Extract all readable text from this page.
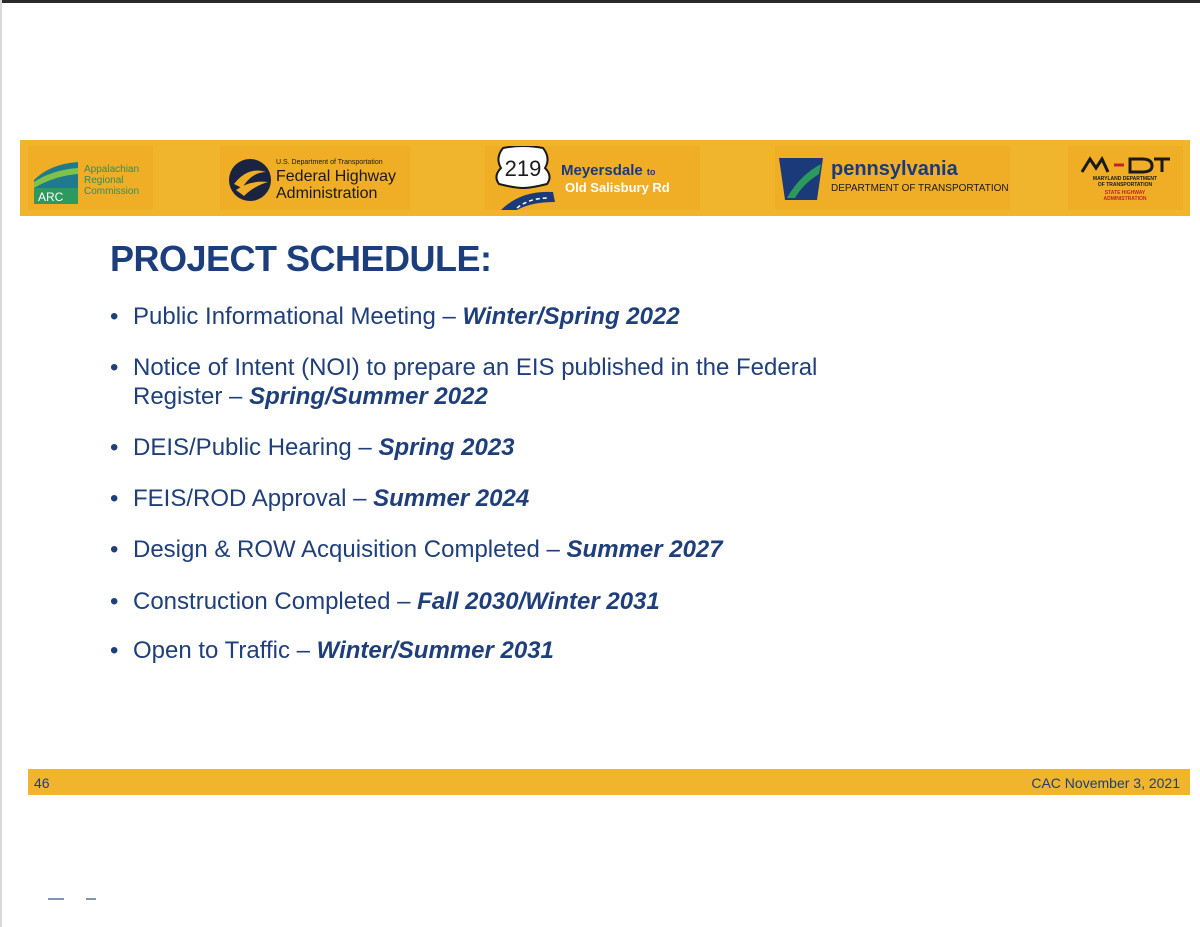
ARC
Appalachian
Regional
Commission
U.S. Department of Transportation
Federal Highway
Administration
219 Meyersdale to
Old Salisbury Rd
pennsylvania
DEPARTMENT OF TRANSPORTATION
MARYLAND DEPARTMENT
OF TRANSPORTATION
STATE HIGHWAY
ADMINISTRATION
PROJECT SCHEDULE:
• Public Informational Meeting – Winter/Spring 2022
• Notice of Intent (NOI) to prepare an EIS published in the Federal Register – Spring/Summer 2022
• DEIS/Public Hearing – Spring 2023
• FEIS/ROD Approval – Summer 2024
• Design & ROW Acquisition Completed – Summer 2027
• Construction Completed – Fall 2030/Winter 2031
• Open to Traffic – Winter/Summer 2031
46	CAC November 3, 2021
